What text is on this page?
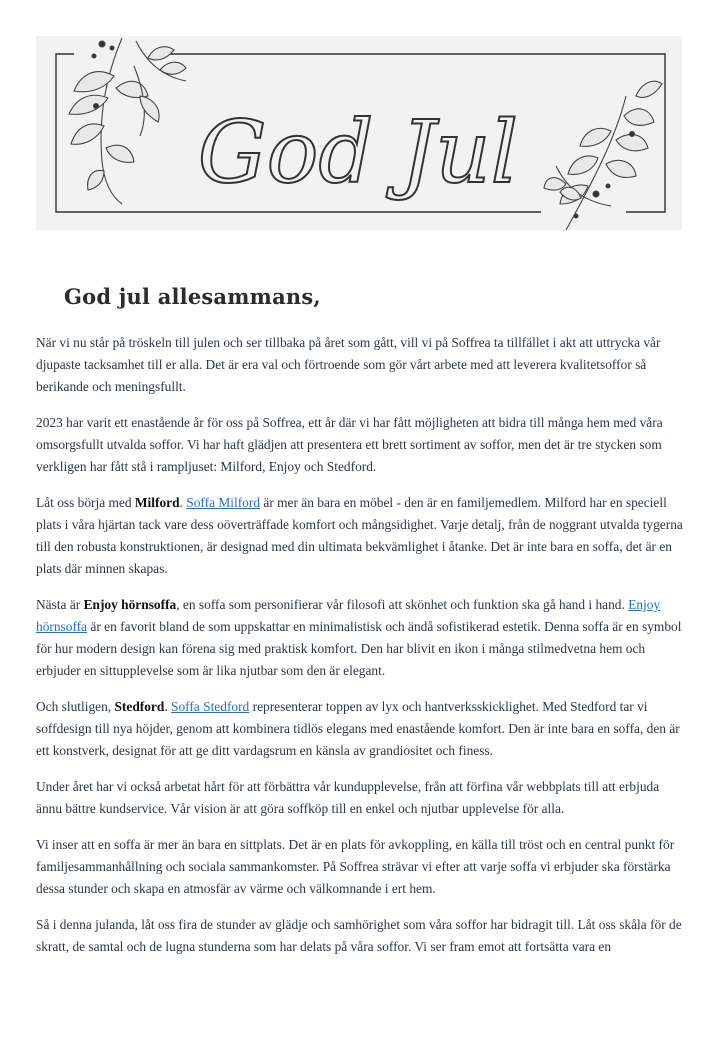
God Jul
God jul allesammans,

När vi nu står på tröskeln till julen och ser tillbaka på året som gått, vill vi på Soffrea ta tillfället i akt att uttrycka vår djupaste tacksamhet till er alla. Det är era val och förtroende som gör vårt arbete med att leverera kvalitetsoffor så berikande och meningsfullt.

2023 har varit ett enastående år för oss på Soffrea, ett år där vi har fått möjligheten att bidra till många hem med våra omsorgsfullt utvalda soffor. Vi har haft glädjen att presentera ett brett sortiment av soffor, men det är tre stycken som verkligen har fått stå i rampljuset: Milford, Enjoy och Stedford.

Låt oss börja med Milford. Soffa Milford är mer än bara en möbel - den är en familjemedlem. Milford har en speciell plats i våra hjärtan tack vare dess oöverträffade komfort och mångsidighet. Varje detalj, från de noggrant utvalda tygerna till den robusta konstruktionen, är designad med din ultimata bekvämlighet i åtanke. Det är inte bara en soffa, det är en plats där minnen skapas.

Nästa är Enjoy hörnsoffa, en soffa som personifierar vår filosofi att skönhet och funktion ska gå hand i hand. Enjoy hörnsoffa är en favorit bland de som uppskattar en minimalistisk och ändå sofistikerad estetik. Denna soffa är en symbol för hur modern design kan förena sig med praktisk komfort. Den har blivit en ikon i många stilmedvetna hem och erbjuder en sittupplevelse som är lika njutbar som den är elegant.

Och slutligen, Stedford. Soffa Stedford representerar toppen av lyx och hantverksskicklighet. Med Stedford tar vi soffdesign till nya höjder, genom att kombinera tidlös elegans med enastående komfort. Den är inte bara en soffa, den är ett konstverk, designat för att ge ditt vardagsrum en känsla av grandiositet och finess.

Under året har vi också arbetat hårt för att förbättra vår kundupplevelse, från att förfina vår webbplats till att erbjuda ännu bättre kundservice. Vår vision är att göra soffköp till en enkel och njutbar upplevelse för alla.

Vi inser att en soffa är mer än bara en sittplats. Det är en plats för avkoppling, en källa till tröst och en central punkt för familjesammanhållning och sociala sammankomster. På Soffrea strävar vi efter att varje soffa vi erbjuder ska förstärka dessa stunder och skapa en atmosfär av värme och välkomnande i ert hem.

Så i denna julanda, låt oss fira de stunder av glädje och samhörighet som våra soffor har bidragit till. Låt oss skåla för de skratt, de samtal och de lugna stunderna som har delats på våra soffor. Vi ser fram emot att fortsätta vara en
